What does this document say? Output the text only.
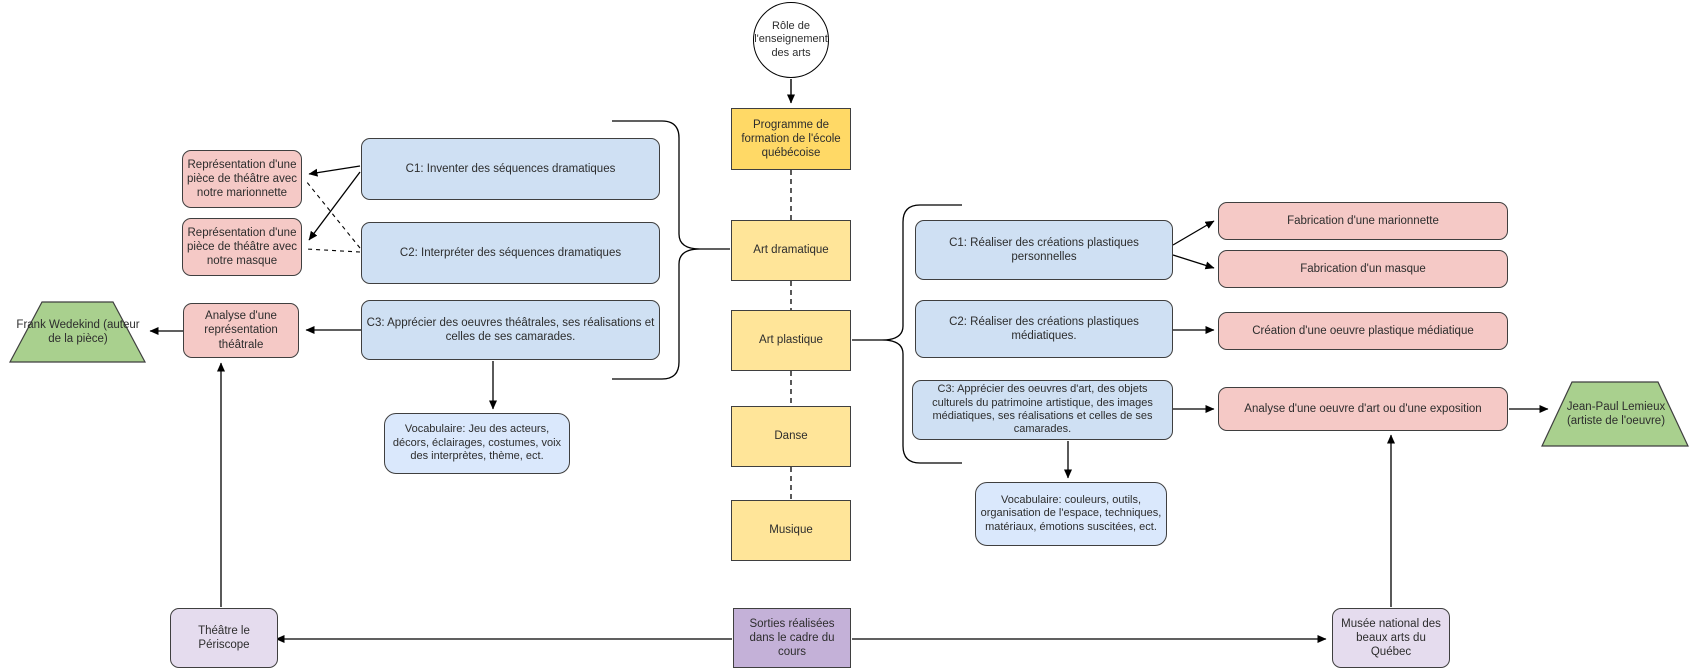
Rôle de l'enseignement des arts
Programme de formation de l'école québécoise
Art dramatique
Art plastique
Danse
Musique
Représentation d'une pièce de théâtre avec notre marionnette
Représentation d'une pièce de théâtre avec notre masque
C1: Inventer des séquences dramatiques
C2: Interpréter des séquences dramatiques
C3: Apprécier des oeuvres théâtrales, ses réalisations et celles de ses camarades.
Analyse d'une représentation théâtrale
Frank Wedekind (auteur de la pièce)
Vocabulaire: Jeu des acteurs, décors, éclairages, costumes, voix des interprètes, thème, ect.
C1: Réaliser des créations plastiques personnelles
C2: Réaliser des créations plastiques médiatiques.
C3: Apprécier des oeuvres d'art, des objets culturels du patrimoine artistique, des images médiatiques, ses réalisations et celles de ses camarades.
Fabrication d'une marionnette
Fabrication d'un masque
Création d'une oeuvre plastique médiatique
Analyse d'une oeuvre d'art ou d'une exposition	Jean-Paul Lemieux (artiste de l'oeuvre)
Vocabulaire: couleurs, outils, organisation de l'espace, techniques, matériaux, émotions suscitées, ect.
Sorties réalisées dans le cadre du cours
Théâtre le Périscope
Musée national des beaux arts du Québec
